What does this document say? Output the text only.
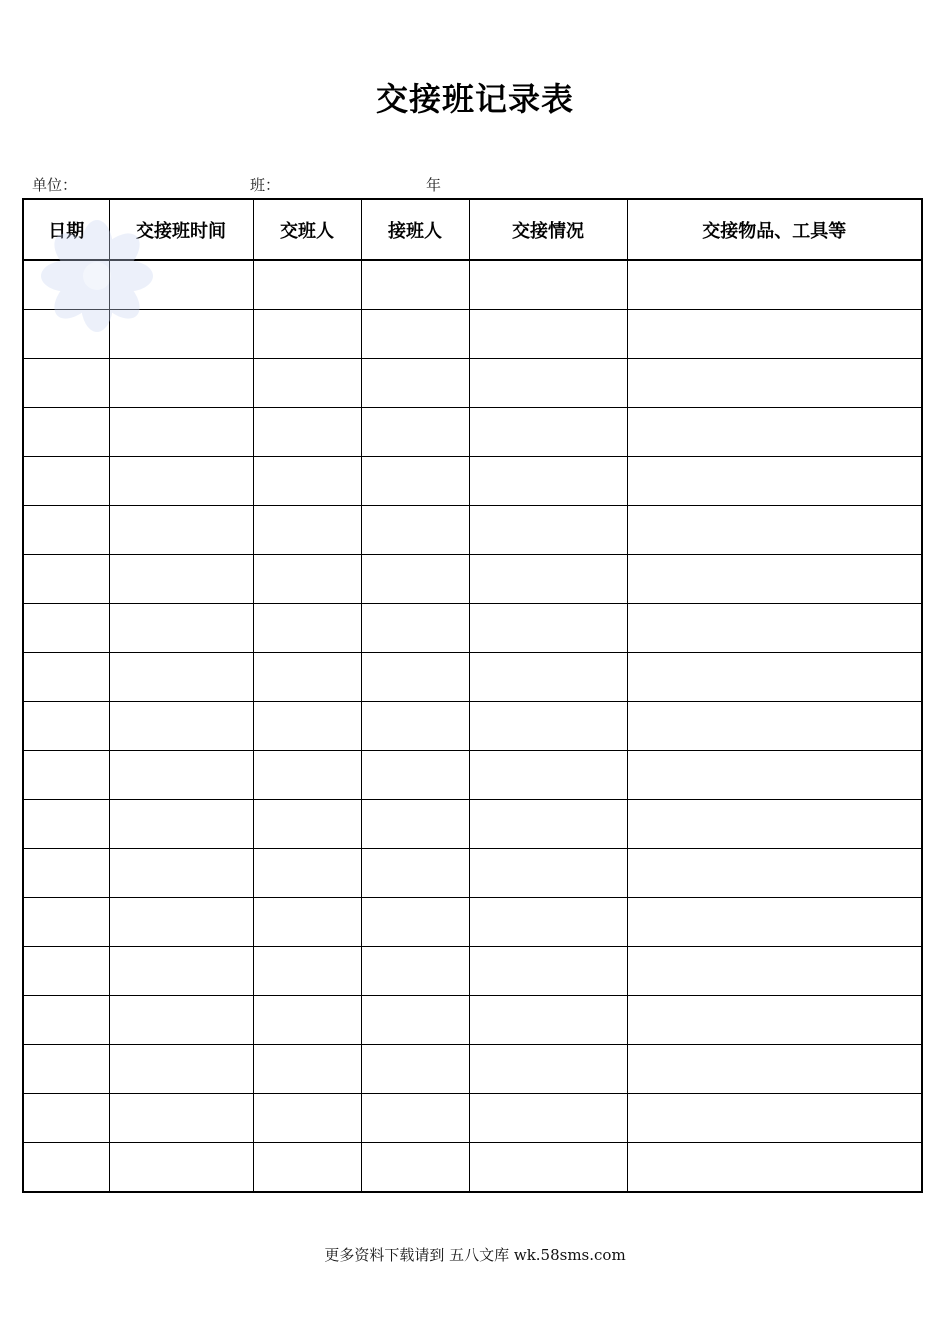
交接班记录表
单位：	班：	年
日期	交接班时间	交班人	接班人	交接情况	交接物品、工具等

更多资料下载请到 五八文库 wk.58sms.com
